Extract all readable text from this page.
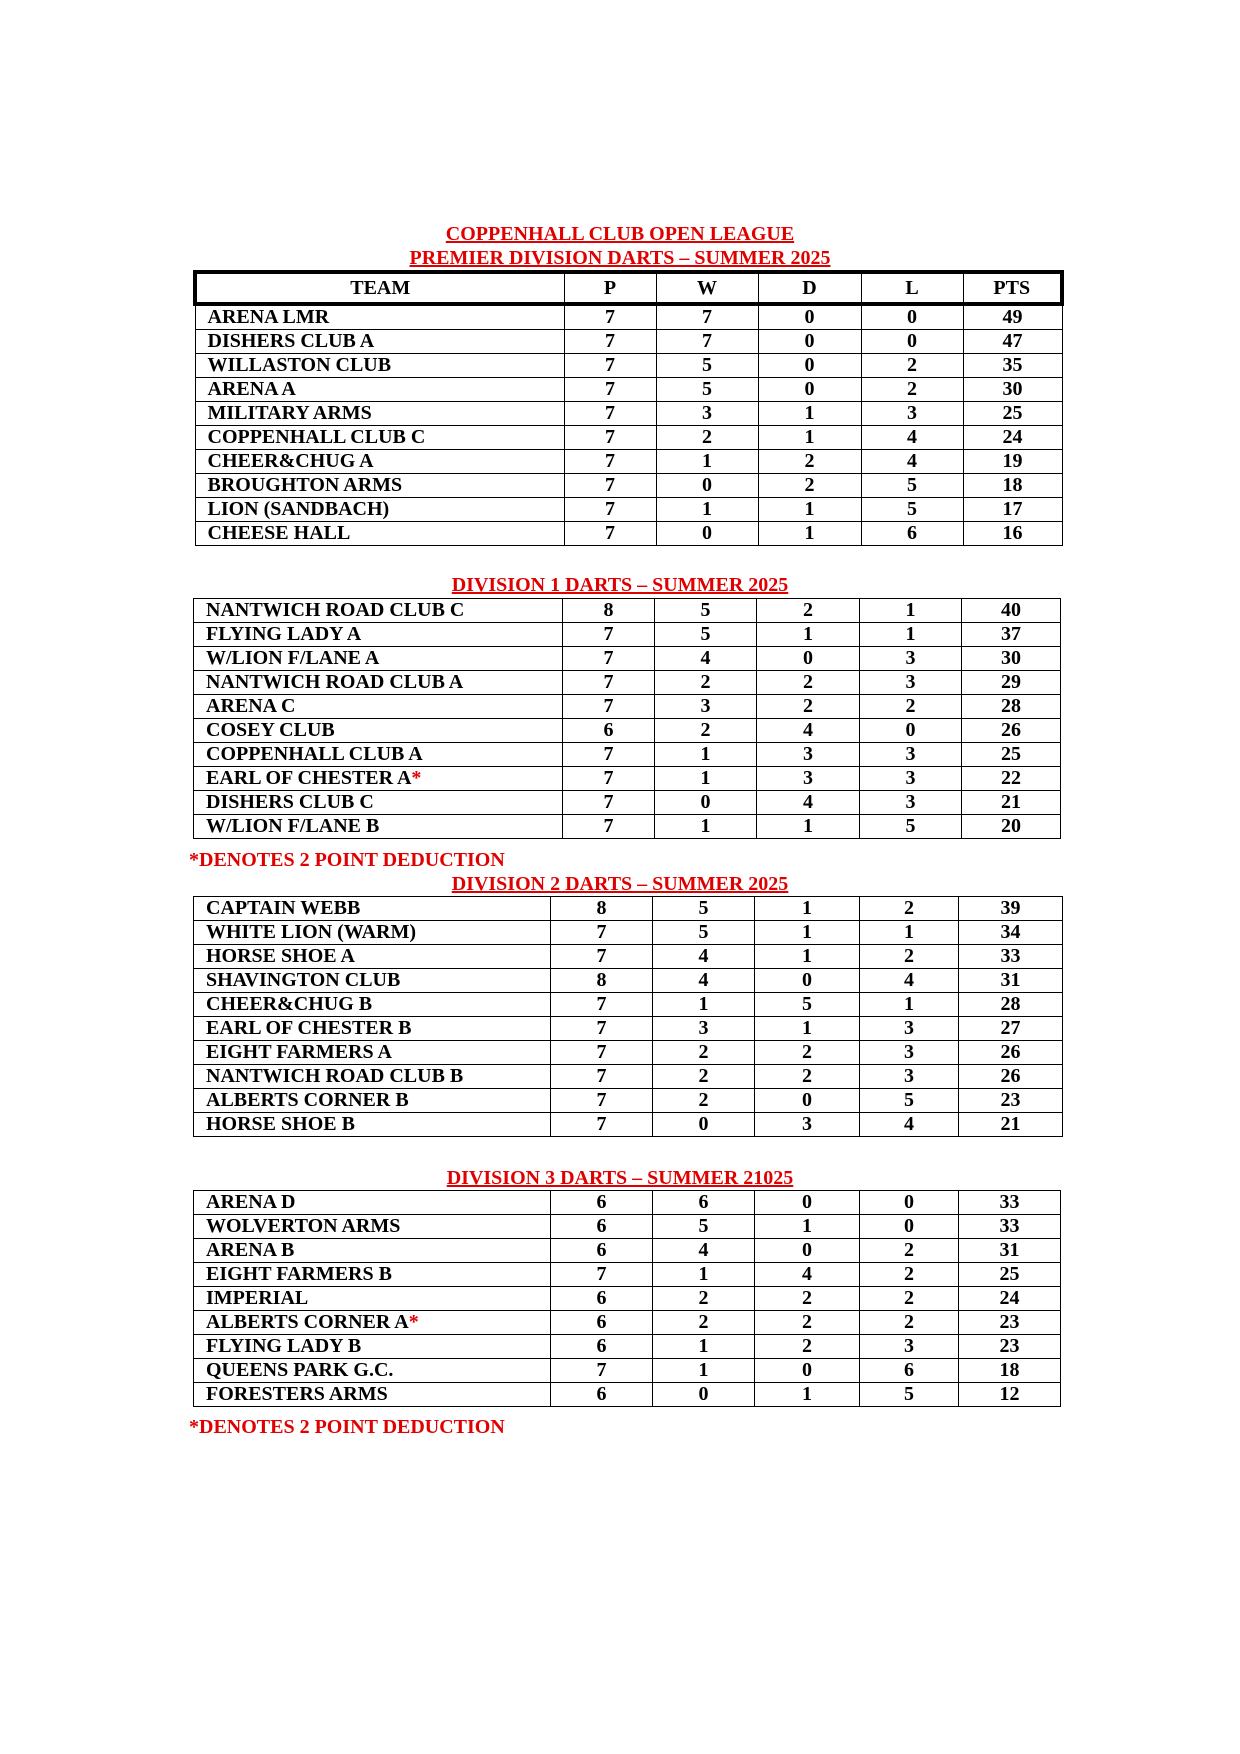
COPPENHALL CLUB OPEN LEAGUE
PREMIER DIVISION DARTS – SUMMER 2025
TEAM	P	W	D	L	PTS
ARENA LMR	7	7	0	0	49
DISHERS CLUB A	7	7	0	0	47
WILLASTON CLUB	7	5	0	2	35
ARENA A	7	5	0	2	30
MILITARY ARMS	7	3	1	3	25
COPPENHALL CLUB C	7	2	1	4	24
CHEER&CHUG A	7	1	2	4	19
BROUGHTON ARMS	7	0	2	5	18
LION (SANDBACH)	7	1	1	5	17
CHEESE HALL	7	0	1	6	16
DIVISION 1 DARTS – SUMMER 2025
NANTWICH ROAD CLUB C	8	5	2	1	40
FLYING LADY A	7	5	1	1	37
W/LION F/LANE A	7	4	0	3	30
NANTWICH ROAD CLUB A	7	2	2	3	29
ARENA C	7	3	2	2	28
COSEY CLUB	6	2	4	0	26
COPPENHALL CLUB A	7	1	3	3	25
EARL OF CHESTER A*	7	1	3	3	22
DISHERS CLUB C	7	0	4	3	21
W/LION F/LANE B	7	1	1	5	20
*DENOTES 2 POINT DEDUCTION
DIVISION 2 DARTS – SUMMER 2025
CAPTAIN WEBB	8	5	1	2	39
WHITE LION (WARM)	7	5	1	1	34
HORSE SHOE A	7	4	1	2	33
SHAVINGTON CLUB	8	4	0	4	31
CHEER&CHUG B	7	1	5	1	28
EARL OF CHESTER B	7	3	1	3	27
EIGHT FARMERS A	7	2	2	3	26
NANTWICH ROAD CLUB B	7	2	2	3	26
ALBERTS CORNER B	7	2	0	5	23
HORSE SHOE B	7	0	3	4	21
DIVISION 3 DARTS – SUMMER 21025
ARENA D	6	6	0	0	33
WOLVERTON ARMS	6	5	1	0	33
ARENA B	6	4	0	2	31
EIGHT FARMERS B	7	1	4	2	25
IMPERIAL	6	2	2	2	24
ALBERTS CORNER A*	6	2	2	2	23
FLYING LADY B	6	1	2	3	23
QUEENS PARK G.C.	7	1	0	6	18
FORESTERS ARMS	6	0	1	5	12
*DENOTES 2 POINT DEDUCTION
